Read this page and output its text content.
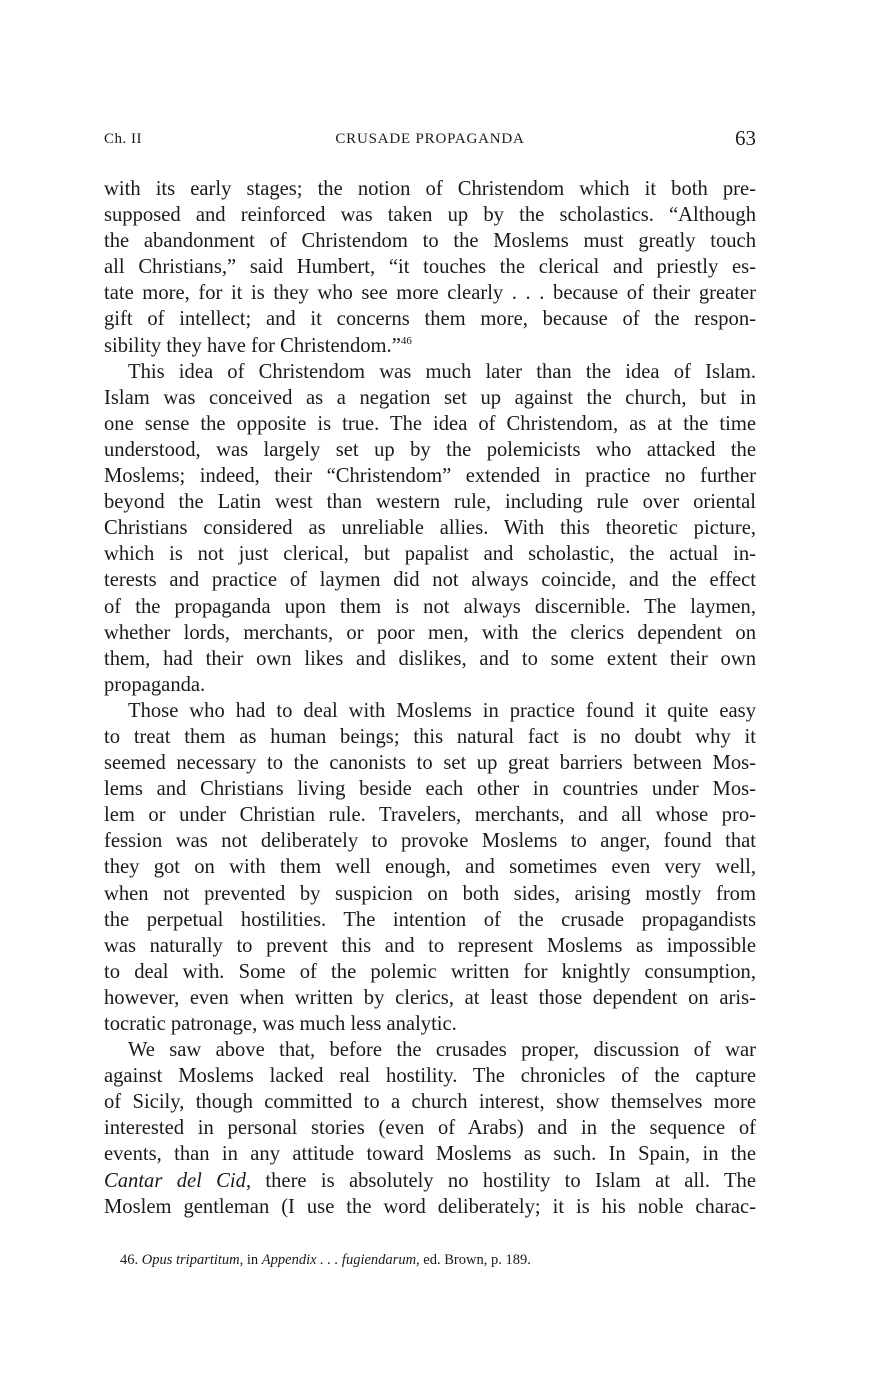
Ch. II	CRUSADE PROPAGANDA	63
with its early stages; the notion of Christendom which it both pre-
supposed and reinforced was taken up by the scholastics. “Although
the abandonment of Christendom to the Moslems must greatly touch
all Christians,” said Humbert, “it touches the clerical and priestly es-
tate more, for it is they who see more clearly . . . because of their greater
gift of intellect; and it concerns them more, because of the respon-
sibility they have for Christendom.”$^{46}$
This idea of Christendom was much later than the idea of Islam.
Islam was conceived as a negation set up against the church, but in
one sense the opposite is true. The idea of Christendom, as at the time
understood, was largely set up by the polemicists who attacked the
Moslems; indeed, their “Christendom” extended in practice no further
beyond the Latin west than western rule, including rule over oriental
Christians considered as unreliable allies. With this theoretic picture,
which is not just clerical, but papalist and scholastic, the actual in-
terests and practice of laymen did not always coincide, and the effect
of the propaganda upon them is not always discernible. The laymen,
whether lords, merchants, or poor men, with the clerics dependent on
them, had their own likes and dislikes, and to some extent their own
propaganda.
Those who had to deal with Moslems in practice found it quite easy
to treat them as human beings; this natural fact is no doubt why it
seemed necessary to the canonists to set up great barriers between Mos-
lems and Christians living beside each other in countries under Mos-
lem or under Christian rule. Travelers, merchants, and all whose pro-
fession was not deliberately to provoke Moslems to anger, found that
they got on with them well enough, and sometimes even very well,
when not prevented by suspicion on both sides, arising mostly from
the perpetual hostilities. The intention of the crusade propagandists
was naturally to prevent this and to represent Moslems as impossible
to deal with. Some of the polemic written for knightly consumption,
however, even when written by clerics, at least those dependent on aris-
tocratic patronage, was much less analytic.
We saw above that, before the crusades proper, discussion of war
against Moslems lacked real hostility. The chronicles of the capture
of Sicily, though committed to a church interest, show themselves more
interested in personal stories (even of Arabs) and in the sequence of
events, than in any attitude toward Moslems as such. In Spain, in the
Cantar del Cid, there is absolutely no hostility to Islam at all. The
Moslem gentleman (I use the word deliberately; it is his noble charac-
46. Opus tripartitum, in Appendix . . . fugiendarum, ed. Brown, p. 189.
